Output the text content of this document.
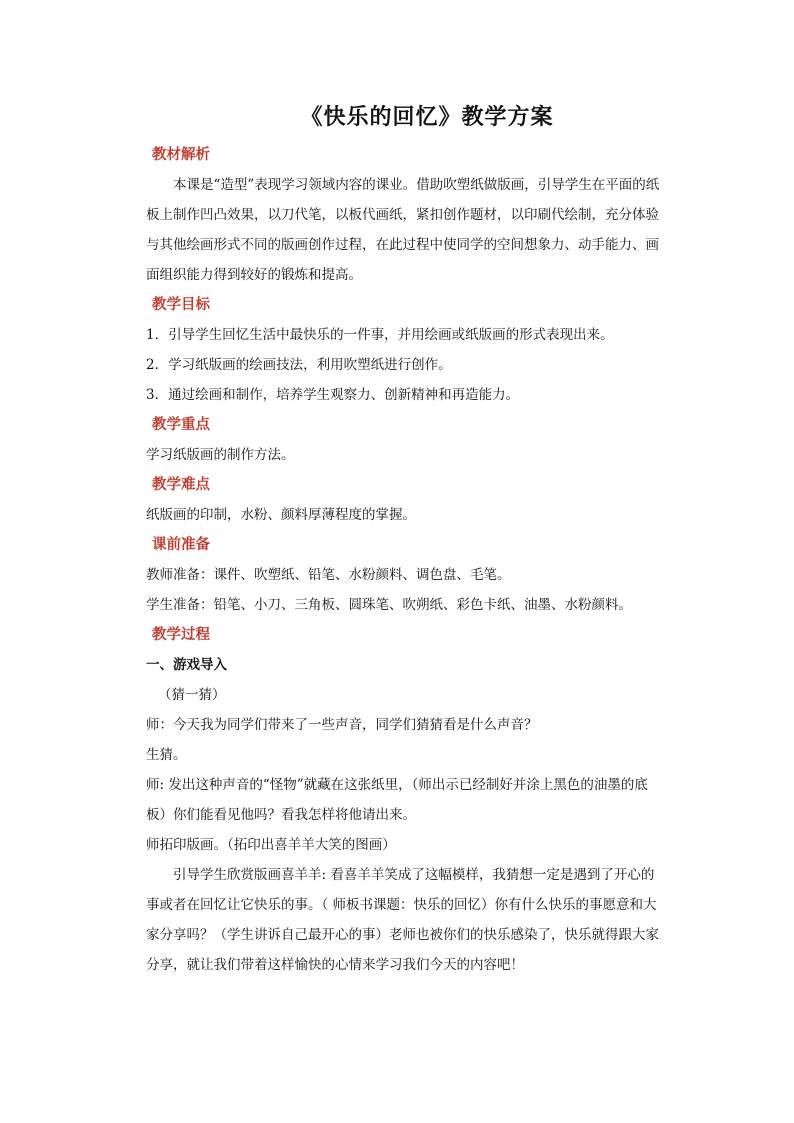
《快乐的回忆》教学方案

教材解析

本课是“造型”表现学习领域内容的课业。借助吹塑纸做版画，引导学生在平面的纸板上制作凹凸效果，以刀代笔，以板代画纸，紧扣创作题材，以印刷代绘制，充分体验与其他绘画形式不同的版画创作过程，在此过程中使同学的空间想象力、动手能力、画面组织能力得到较好的锻炼和提高。

教学目标

1．引导学生回忆生活中最快乐的一件事，并用绘画或纸版画的形式表现出来。

2．学习纸版画的绘画技法，利用吹塑纸进行创作。

3．通过绘画和制作，培养学生观察力、创新精神和再造能力。

教学重点

学习纸版画的制作方法。

教学难点

纸版画的印制，水粉、颜料厚薄程度的掌握。

课前准备

教师准备：课件、吹塑纸、铅笔、水粉颜料、调色盘、毛笔。

学生准备：铅笔、小刀、三角板、圆珠笔、吹朔纸、彩色卡纸、油墨、水粉颜料。

教学过程

一、游戏导入

（猜一猜）

师：今天我为同学们带来了一些声音，同学们猜猜看是什么声音？

生猜。

师: 发出这种声音的“怪物”就藏在这张纸里，（师出示已经制好并涂上黑色的油墨的底板）你们能看见他吗？看我怎样将他请出来。

师拓印版画。（拓印出喜羊羊大笑的图画）

引导学生欣赏版画喜羊羊: 看喜羊羊笑成了这幅模样，我猜想一定是遇到了开心的事或者在回忆让它快乐的事。（ 师板书课题：快乐的回忆）你有什么快乐的事愿意和大家分享吗？（学生讲诉自己最开心的事）老师也被你们的快乐感染了，快乐就得跟大家分享，就让我们带着这样愉快的心情来学习我们今天的内容吧！
